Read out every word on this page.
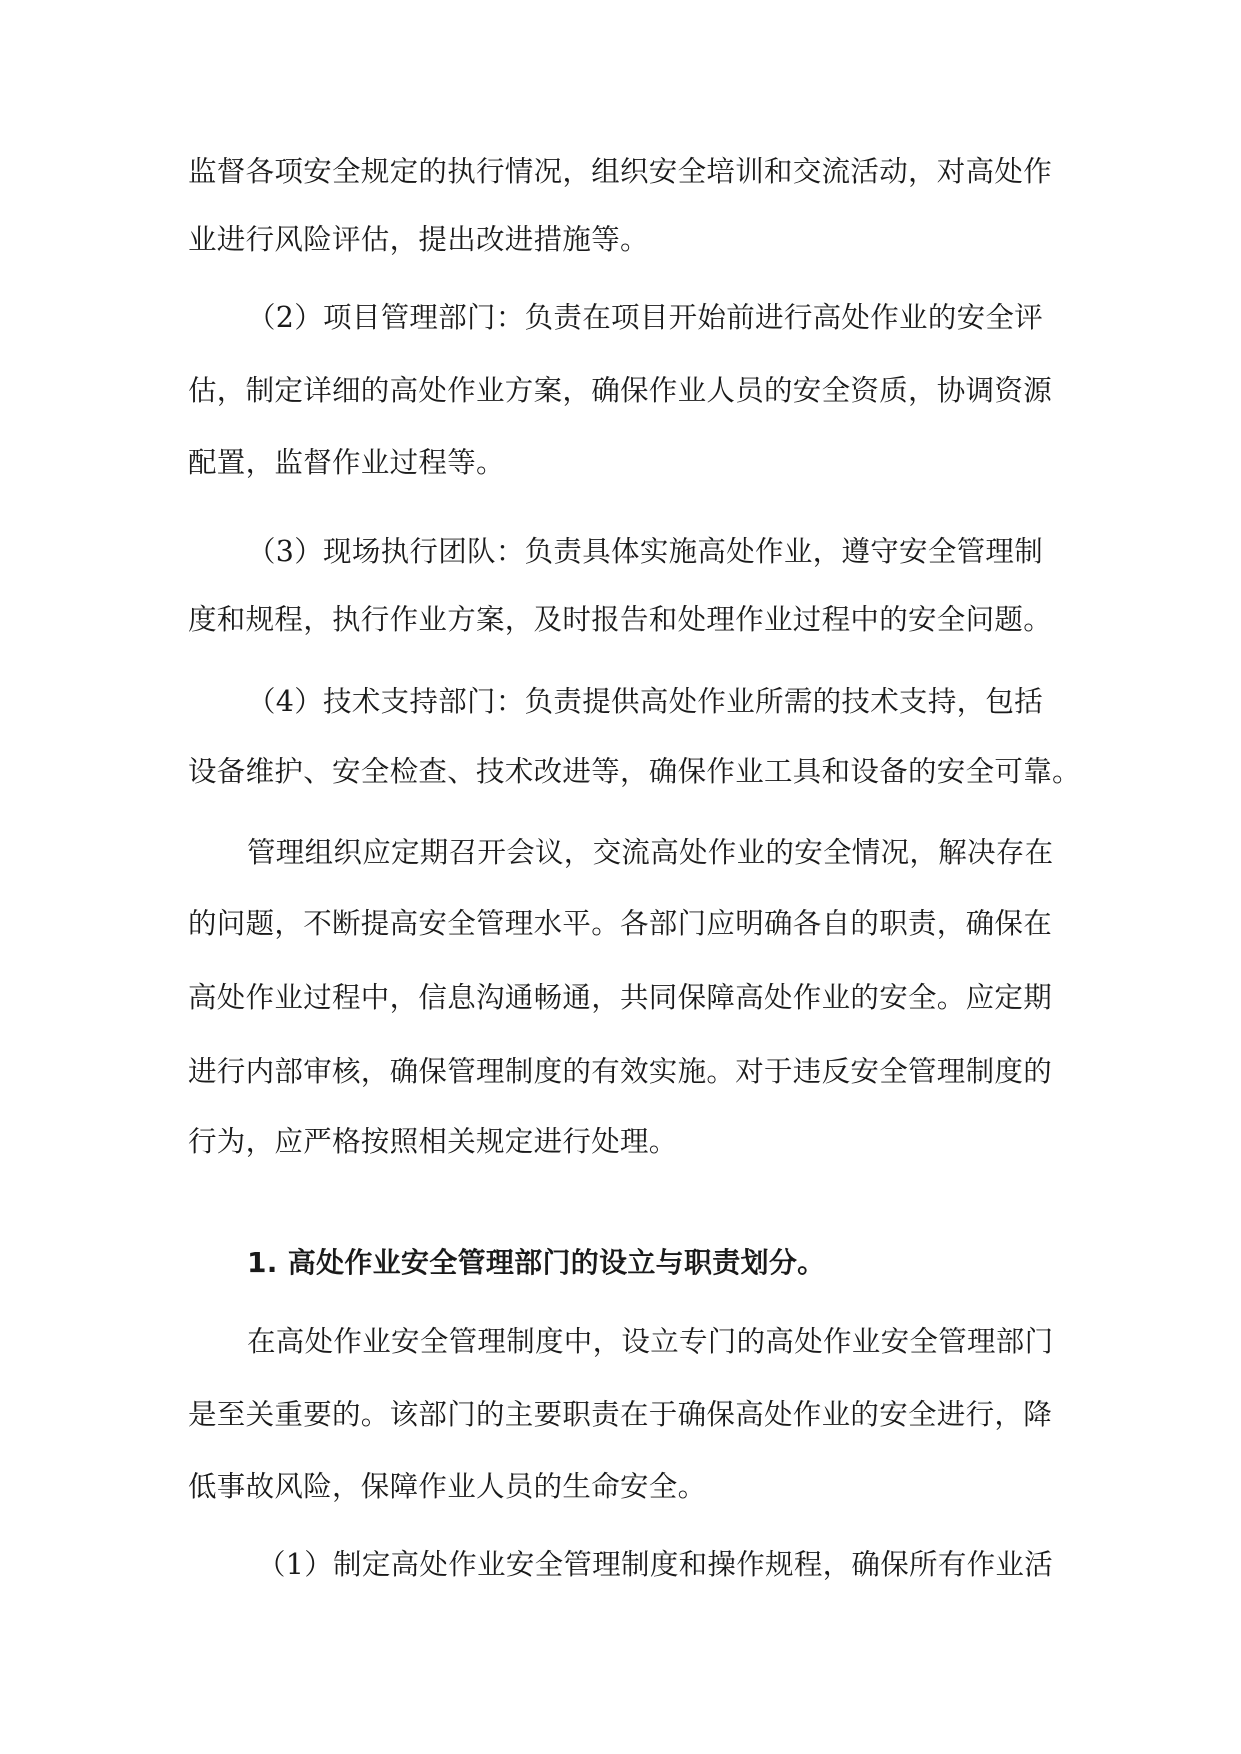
监督各项安全规定的执行情况，组织安全培训和交流活动，对高处作
业进行风险评估，提出改进措施等。
（2）项目管理部门：负责在项目开始前进行高处作业的安全评
估，制定详细的高处作业方案，确保作业人员的安全资质，协调资源
配置，监督作业过程等。
（3）现场执行团队：负责具体实施高处作业，遵守安全管理制
度和规程，执行作业方案，及时报告和处理作业过程中的安全问题。
（4）技术支持部门：负责提供高处作业所需的技术支持，包括
设备维护、安全检查、技术改进等，确保作业工具和设备的安全可靠。
管理组织应定期召开会议，交流高处作业的安全情况，解决存在
的问题，不断提高安全管理水平。各部门应明确各自的职责，确保在
高处作业过程中，信息沟通畅通，共同保障高处作业的安全。应定期
进行内部审核，确保管理制度的有效实施。对于违反安全管理制度的
行为，应严格按照相关规定进行处理。
1. 高处作业安全管理部门的设立与职责划分。
在高处作业安全管理制度中，设立专门的高处作业安全管理部门
是至关重要的。该部门的主要职责在于确保高处作业的安全进行，降
低事故风险，保障作业人员的生命安全。
（1）制定高处作业安全管理制度和操作规程，确保所有作业活
